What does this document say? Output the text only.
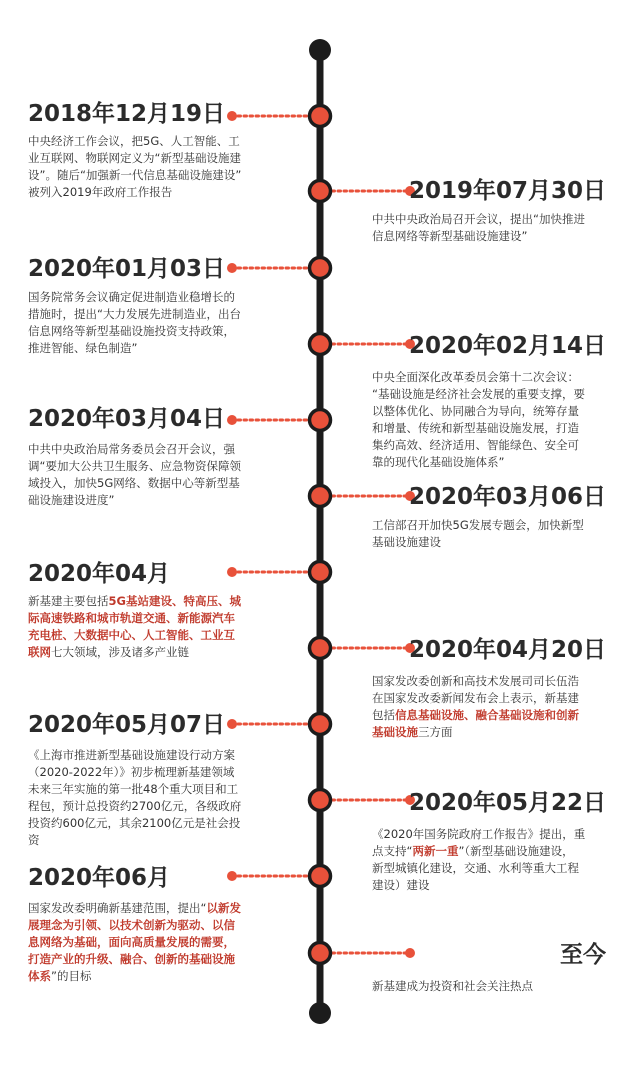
2018年12月19日
中央经济工作会议，把5G、人工智能、工
业互联网、物联网定义为“新型基础设施建
设”。随后“加强新一代信息基础设施建设”
被列入2019年政府工作报告	2019年07月30日
中共中央政治局召开会议，提出“加快推进
信息网络等新型基础设施建设”
2020年01月03日
国务院常务会议确定促进制造业稳增长的
措施时，提出“大力发展先进制造业，出台
信息网络等新型基础设施投资支持政策，
推进智能、绿色制造”	2020年02月14日
中央全面深化改革委员会第十二次会议：
“基础设施是经济社会发展的重要支撑，要
以整体优化、协同融合为导向，统筹存量
和增量、传统和新型基础设施发展，打造
集约高效、经济适用、智能绿色、安全可
靠的现代化基础设施体系”
2020年03月04日
中共中央政治局常务委员会召开会议，强
调“要加大公共卫生服务、应急物资保障领
域投入，加快5G网络、数据中心等新型基
础设施建设进度”	2020年03月06日
工信部召开加快5G发展专题会，加快新型
基础设施建设
2020年04月
新基建主要包括5G基站建设、特高压、城
际高速铁路和城市轨道交通、新能源汽车
充电桩、大数据中心、人工智能、工业互
联网七大领域，涉及诸多产业链	2020年04月20日
国家发改委创新和高技术发展司司长伍浩
在国家发改委新闻发布会上表示，新基建
包括信息基础设施、融合基础设施和创新
基础设施三方面
2020年05月07日
《上海市推进新型基础设施建设行动方案
（2020-2022年）》初步梳理新基建领域
未来三年实施的第一批48个重大项目和工
程包，预计总投资约2700亿元，各级政府
投资约600亿元，其余2100亿元是社会投
资
2020年05月22日
《2020年国务院政府工作报告》提出，重
点支持“两新一重”（新型基础设施建设，
新型城镇化建设，交通、水利等重大工程
建设）建设
2020年06月
国家发改委明确新基建范围，提出“以新发
展理念为引领、以技术创新为驱动、以信
息网络为基础，面向高质量发展的需要，
打造产业的升级、融合、创新的基础设施
体系”的目标
至今
新基建成为投资和社会关注热点
